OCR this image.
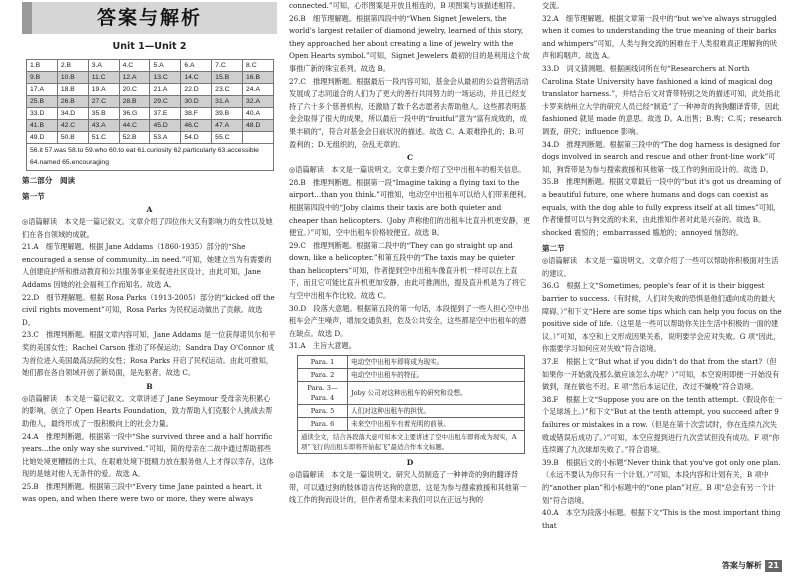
答案与解析
Unit 1—Unit 2
1.B	2.B	3.A	4.C	5.A	6.A	7.C	8.C
9.B	10.B	11.C	12.A	13.C	14.C	15.B	16.B
17.A	18.B	19.A	20.C	21.A	22.D	23.C	24.A
25.B	26.B	27.C	28.B	29.C	30.D	31.A	32.A
33.D	34.D	35.B	36.G	37.E	38.F	39.B	40.A
41.B	42.C	43.A	44.C	45.D	46.C	47.A	48.D
49.D	50.B	51.C	52.B	53.A	54.D	55.C	
56.it 57.was 58.to 59.who 60.to eat 61.curiosity 62.particularly 63.accessible 64.named 65.encouraging
第二部分　阅读
第一节
A
◎语篇解读　本文是一篇记叙文。文章介绍了四位伟大又有影响力的女性以及她们在各自领域的成就。
21.A　细节理解题。根据 Jane Addams（1860-1935）部分的“She encouraged a sense of community...in need.”可知，她建立当为有需要的人创建庇护所和推动教育和公共服务事业来促进社区设计，由此可知，Jane Addams 因她的社会福利工作而知名。故选 A。
22.D　细节理解题。根据 Rosa Parks（1913-2005）部分的“kicked off the civil rights movement”可知，Rosa Parks 为民权运动做出了贡献。故选 D。
23.C　推理判断题。根据文章内容可知，Jane Addams 是一位获得诺贝尔和平奖的美国女性；Rachel Carson 推动了环保运动；Sandra Day O'Connor 成为首位进入美国最高法院的女性；Rosa Parks 开启了民权运动。由此可推知，她们都在各自领域开创了新局面，是先驱者。故选 C。
B
◎语篇解读　本文是一篇记叙文。文章讲述了 Jane Seymour 受母亲先积累心的影响，创立了 Open Hearts Foundation，致力帮助人们克服个人挑战去帮助他人，最终形成了一股积极向上的社会力量。
24.A　推理判断题。根据第一段中“She survived three and a half horrific years...the only way she survived.”可知，简的母亲在二战中通过帮助那些比她处境更糟糕的士兵，在艰难处境下挺精力放在服务他人上才得以幸存，这体现的是她对他人无条件的爱。故选 A。
25.B　推理判断题。根据第三段中“Every time Jane painted a heart, it was open, and when there were two or more, they were always
connected.”可知，心形图案是开放且相连的，B 项图案与该描述相符。
26.B　细节理解题。根据第四段中的“When Signet Jewelers, the world's largest retailer of diamond jewelry, learned of this story, they approached her about creating a line of jewelry with the Open Hearts symbol.”可知，Signet Jewelers 最初的目的是利用这个故事推广新的珠宝系列。故选 B。
27.C　推理判断题。根据最后一段内容可知，基金会从最初的公益营销活动发展成了志同道合的人们为了更大的善行共同努力的一场运动，并且已经支持了六十多个慈善机构，还激励了数千名志愿者去帮助他人。这些都表明基金会取得了很大的成果，所以最后一段中的“fruitful”意为“富有成效的，成果丰硕的”，符合对基金会日前状况的描述。故选 C。A.艰难挣扎的；B.可盈利的；D.无组织的，杂乱无章的。
C
◎语篇解读　本文是一篇说明文。文章主要介绍了空中出租车的相关信息。
28.B　推理判断题。根据第一段“Imagine taking a flying taxi to the airport...than you think.”可推知，电动空中出租车可以给人们带来便利。根据第四段中的“Joby claims their taxis are both quieter and cheaper than helicopters.（Joby 声称他们的出租车比直升机更安静，更便宜。）”可知，空中出租车价格较便宜。故选 B。
29.C　推理判断题。根据第二段中的“They can go straight up and down, like a helicopter.”和第五段中的“The taxis may be quieter than helicopters”可知，作者提到空中出租车像直升机一样可以在上直下，而且它可能比直升机更加安静，由此可推测出，提及直升机是为了将它与空中出租车作比较。故选 C。
30.D　段落大意题。根据第五段的第一句话，本段提到了一些人担心空中出租车会产生噪声，增加交通负担，危及公共安全，这些都是空中出租车的潜在缺点。故选 D。
31.A　主旨大意题。
Para. 1	电动空中出租车即将成为现实。
Para. 2	电动空中出租车的特征。
Para. 3—Para. 4	Joby 公司对这种出租车的研究和设想。
Para. 5	人们对这种出租车的担忧。
Para. 6	未来空中出租车有着光明的前景。
通读全文，结合各段落大意可知本文主要讲述了空中出租车即将成为现实，A 项“飞行的出租车即将开始起飞”最适合作本文标题。	
D
◎语篇解读　本文是一篇说明文。研究人员制造了一种神奇的狗的翻译背带，可以通过狗的肢体语言传达狗的意思，这是为参与搜索救援和其他第一线工作的狗而设计的，但作者希望未来我们可以在正远与狗的
交流。
32.A　细节理解题。根据文章第一段中的“but we've always struggled when it comes to understanding the true meaning of their barks and whimpers”可知，人类与狗交流的困难在于人类很难真正理解狗的吠声和呜咽声。故选 A。
33.D　词义猜测题。根据画线词所在句“Researchers at North Carolina State University have fashioned a kind of magical dog translator harness.”，并结合后文对背带特别之处的描述可知，此处指北卡罗来纳州立大学的研究人员已经“制造”了一种神奇的狗狗翻译背带，因此 fashioned 就是 made 的意思。故选 D。A.出售；B.购；C.买；research 调查，研究；influence 影响。
34.D　推理判断题。根据第三段中的“The dog harness is designed for dogs involved in search and rescue and other front-line work”可知，狗背带是为参与搜索救援和其他第一线工作的狗而设计的。故选 D。
35.B　推理判断题。根据文章最后一段中的“but it's got us dreaming of a beautiful future, one where humans and dogs can coexist as equals, with the dog able to fully express itself at all times”可知，作者憧憬可以与狗交流的未来，由此推知作者对此是兴奋的。故选 B。shocked 震惊的；embarrassed 尴尬的；annoyed 恼怒的。
第二节
◎语篇解读　本文是一篇说明文。文章介绍了一些可以帮助你积极面对生活的建议。
36.G　根据上文“Sometimes, people's fear of it is their biggest barrier to success.（有时候，人们对失败的恐惧是他们通向成功的最大障碍。）”和下文“Here are some tips which can help you focus on the positive side of life.（这里是一些可以帮助你关注生活中积极的一面的建议。）”可知，本空和上文形成因果关系，说明要学会应对失败。G 项“因此，你需要学习如何应对失败”符合语境。
37.E　根据上文“But what if you didn't do that from the start?（但如果你一开始就没那么做应该怎么办呢？）”可知，本空说明即便一开始没有做到，现在做也不迟。E 项“然后本运记住，改过不嫌晚”符合语境。
38.F　根据上文“Suppose you are on the tenth attempt.（假设你在一个足球场上。）”和下文“But at the tenth attempt, you succeed after 9 failures or mistakes in a row.（但是在第十次尝试时，你在连续九次失败或错误后成功了。）”可知，本空应提到进行九次尝试但没有成功。F 项“你连续踢了九次球却失败了。”符合语境。
39.B　根据后文的小标题“Never think that you've got only one plan.（永远不要认为你只有一个计划。）”可知，本段内容和计划有关，B 项中的“another plan”和小标题中的“one plan”对应。B 项“总会有另一个计划”符合语境。
40.A　本空为段落小标题。根据下文“This is the most important thing that
答案与解析 21
